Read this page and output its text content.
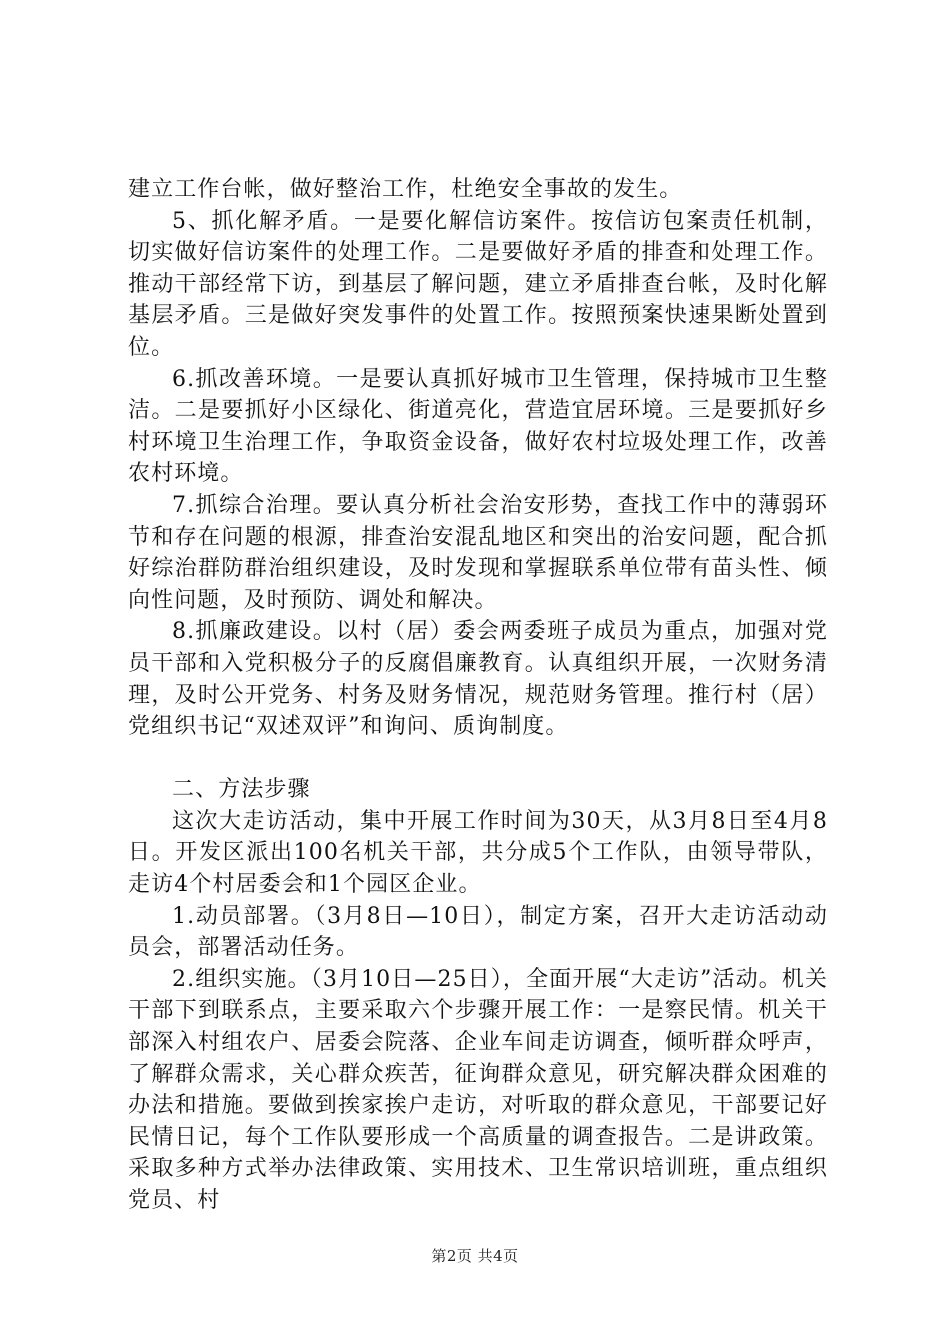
建立工作台帐，做好整治工作，杜绝安全事故的发生。

5、抓化解矛盾。一是要化解信访案件。按信访包案责任机制，切实做好信访案件的处理工作。二是要做好矛盾的排查和处理工作。推动干部经常下访，到基层了解问题，建立矛盾排查台帐，及时化解基层矛盾。三是做好突发事件的处置工作。按照预案快速果断处置到位。

6.抓改善环境。一是要认真抓好城市卫生管理，保持城市卫生整洁。二是要抓好小区绿化、街道亮化，营造宜居环境。三是要抓好乡村环境卫生治理工作，争取资金设备，做好农村垃圾处理工作，改善农村环境。

7.抓综合治理。要认真分析社会治安形势，查找工作中的薄弱环节和存在问题的根源，排查治安混乱地区和突出的治安问题，配合抓好综治群防群治组织建设，及时发现和掌握联系单位带有苗头性、倾向性问题，及时预防、调处和解决。

8.抓廉政建设。以村（居）委会两委班子成员为重点，加强对党员干部和入党积极分子的反腐倡廉教育。认真组织开展，一次财务清理，及时公开党务、村务及财务情况，规范财务管理。推行村（居）党组织书记“双述双评”和询问、质询制度。

二、方法步骤

这次大走访活动，集中开展工作时间为30天，从3月8日至4月8日。开发区派出100名机关干部，共分成5个工作队，由领导带队，走访4个村居委会和1个园区企业。

1.动员部署。（3月8日—10日），制定方案，召开大走访活动动员会，部署活动任务。

2.组织实施。（3月10日—25日），全面开展“大走访”活动。机关干部下到联系点，主要采取六个步骤开展工作：一是察民情。机关干部深入村组农户、居委会院落、企业车间走访调查，倾听群众呼声，了解群众需求，关心群众疾苦，征询群众意见，研究解决群众困难的办法和措施。要做到挨家挨户走访，对听取的群众意见，干部要记好民情日记，每个工作队要形成一个高质量的调查报告。二是讲政策。采取多种方式举办法律政策、实用技术、卫生常识培训班，重点组织党员、村

第2页 共4页
